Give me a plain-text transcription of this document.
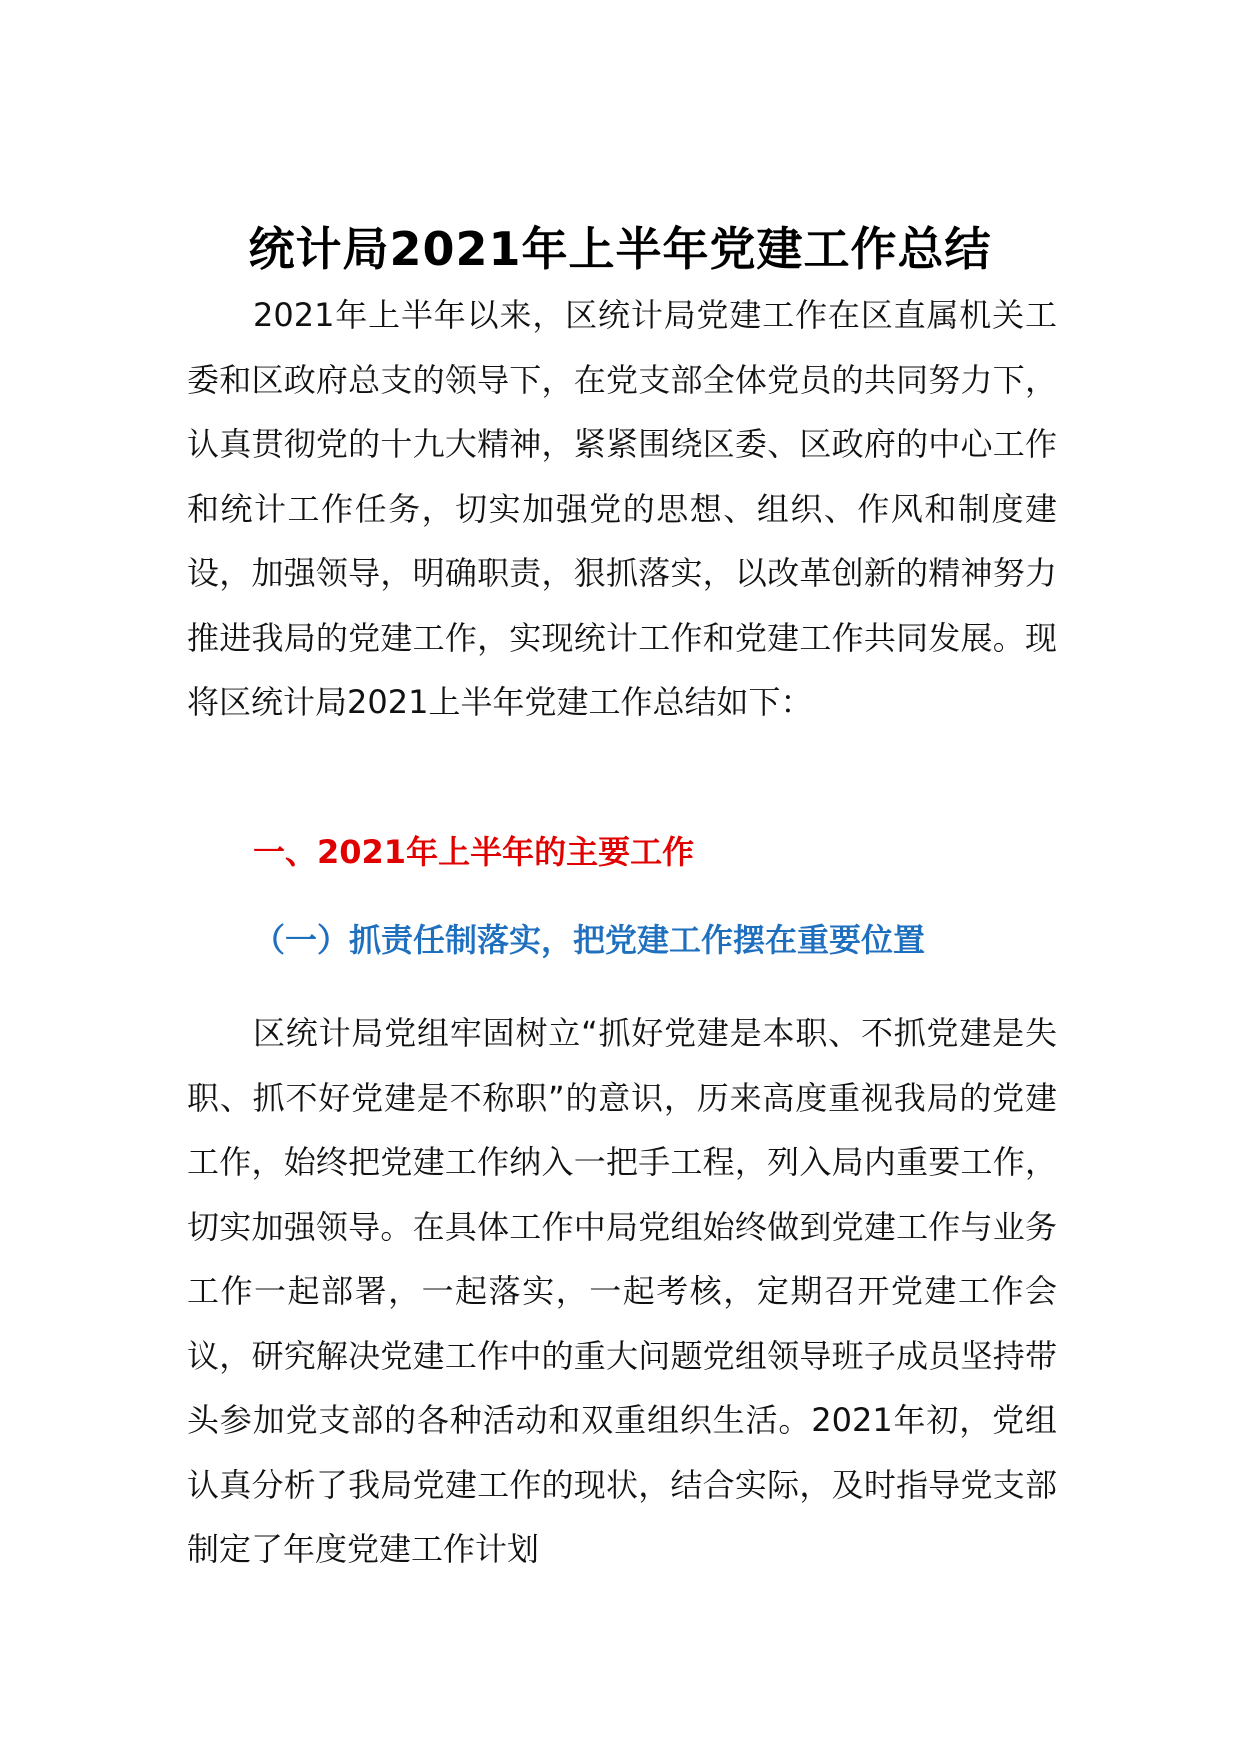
统计局2021年上半年党建工作总结

2021年上半年以来，区统计局党建工作在区直属机关工委和区政府总支的领导下，在党支部全体党员的共同努力下，认真贯彻党的十九大精神，紧紧围绕区委、区政府的中心工作和统计工作任务，切实加强党的思想、组织、作风和制度建设，加强领导，明确职责，狠抓落实，以改革创新的精神努力推进我局的党建工作，实现统计工作和党建工作共同发展。现将区统计局2021上半年党建工作总结如下：

一、2021年上半年的主要工作
（一）抓责任制落实，把党建工作摆在重要位置

区统计局党组牢固树立“抓好党建是本职、不抓党建是失职、抓不好党建是不称职”的意识，历来高度重视我局的党建工作，始终把党建工作纳入一把手工程，列入局内重要工作，切实加强领导。在具体工作中局党组始终做到党建工作与业务工作一起部署，一起落实，一起考核，定期召开党建工作会议，研究解决党建工作中的重大问题党组领导班子成员坚持带头参加党支部的各种活动和双重组织生活。2021年初，党组认真分析了我局党建工作的现状，结合实际，及时指导党支部制定了年度党建工作计划
